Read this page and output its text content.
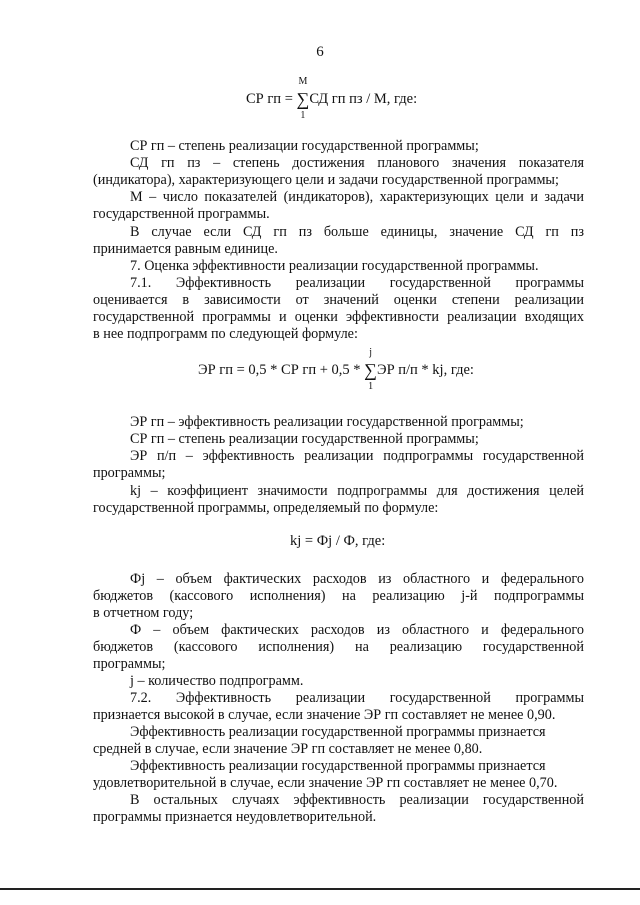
6
СР гп = ∑
M
1
СД гп пз / М, где:
СР гп – степень реализации государственной программы;
СД гп пз – степень достижения планового значения показателя
(индикатора), характеризующего цели и задачи государственной программы;
М – число показателей (индикаторов), характеризующих цели и задачи
государственной программы.
В случае если СД гп пз больше единицы, значение СД гп пз
принимается равным единице.
7. Оценка эффективности реализации государственной программы.
7.1. Эффективность реализации государственной программы
оценивается в зависимости от значений оценки степени реализации
государственной программы и оценки эффективности реализации входящих
в нее подпрограмм по следующей формуле:
ЭР гп = 0,5 * СР гп + 0,5 * ∑
j
1
ЭР п/п * kj, где:
ЭР гп – эффективность реализации государственной программы;
СР гп – степень реализации государственной программы;
ЭР п/п – эффективность реализации подпрограммы государственной
программы;
kj – коэффициент значимости подпрограммы для достижения целей
государственной программы, определяемый по формуле:
kj = Фj / Ф, где:
Фj – объем фактических расходов из областного и федерального
бюджетов (кассового исполнения) на реализацию j-й подпрограммы
в отчетном году;
Ф – объем фактических расходов из областного и федерального
бюджетов (кассового исполнения) на реализацию государственной
программы;
j – количество подпрограмм.
7.2. Эффективность реализации государственной программы
признается высокой в случае, если значение ЭР гп составляет не менее 0,90.
Эффективность реализации государственной программы признается
средней в случае, если значение ЭР гп составляет не менее 0,80.
Эффективность реализации государственной программы признается
удовлетворительной в случае, если значение ЭР гп составляет не менее 0,70.
В остальных случаях эффективность реализации государственной
программы признается неудовлетворительной.
